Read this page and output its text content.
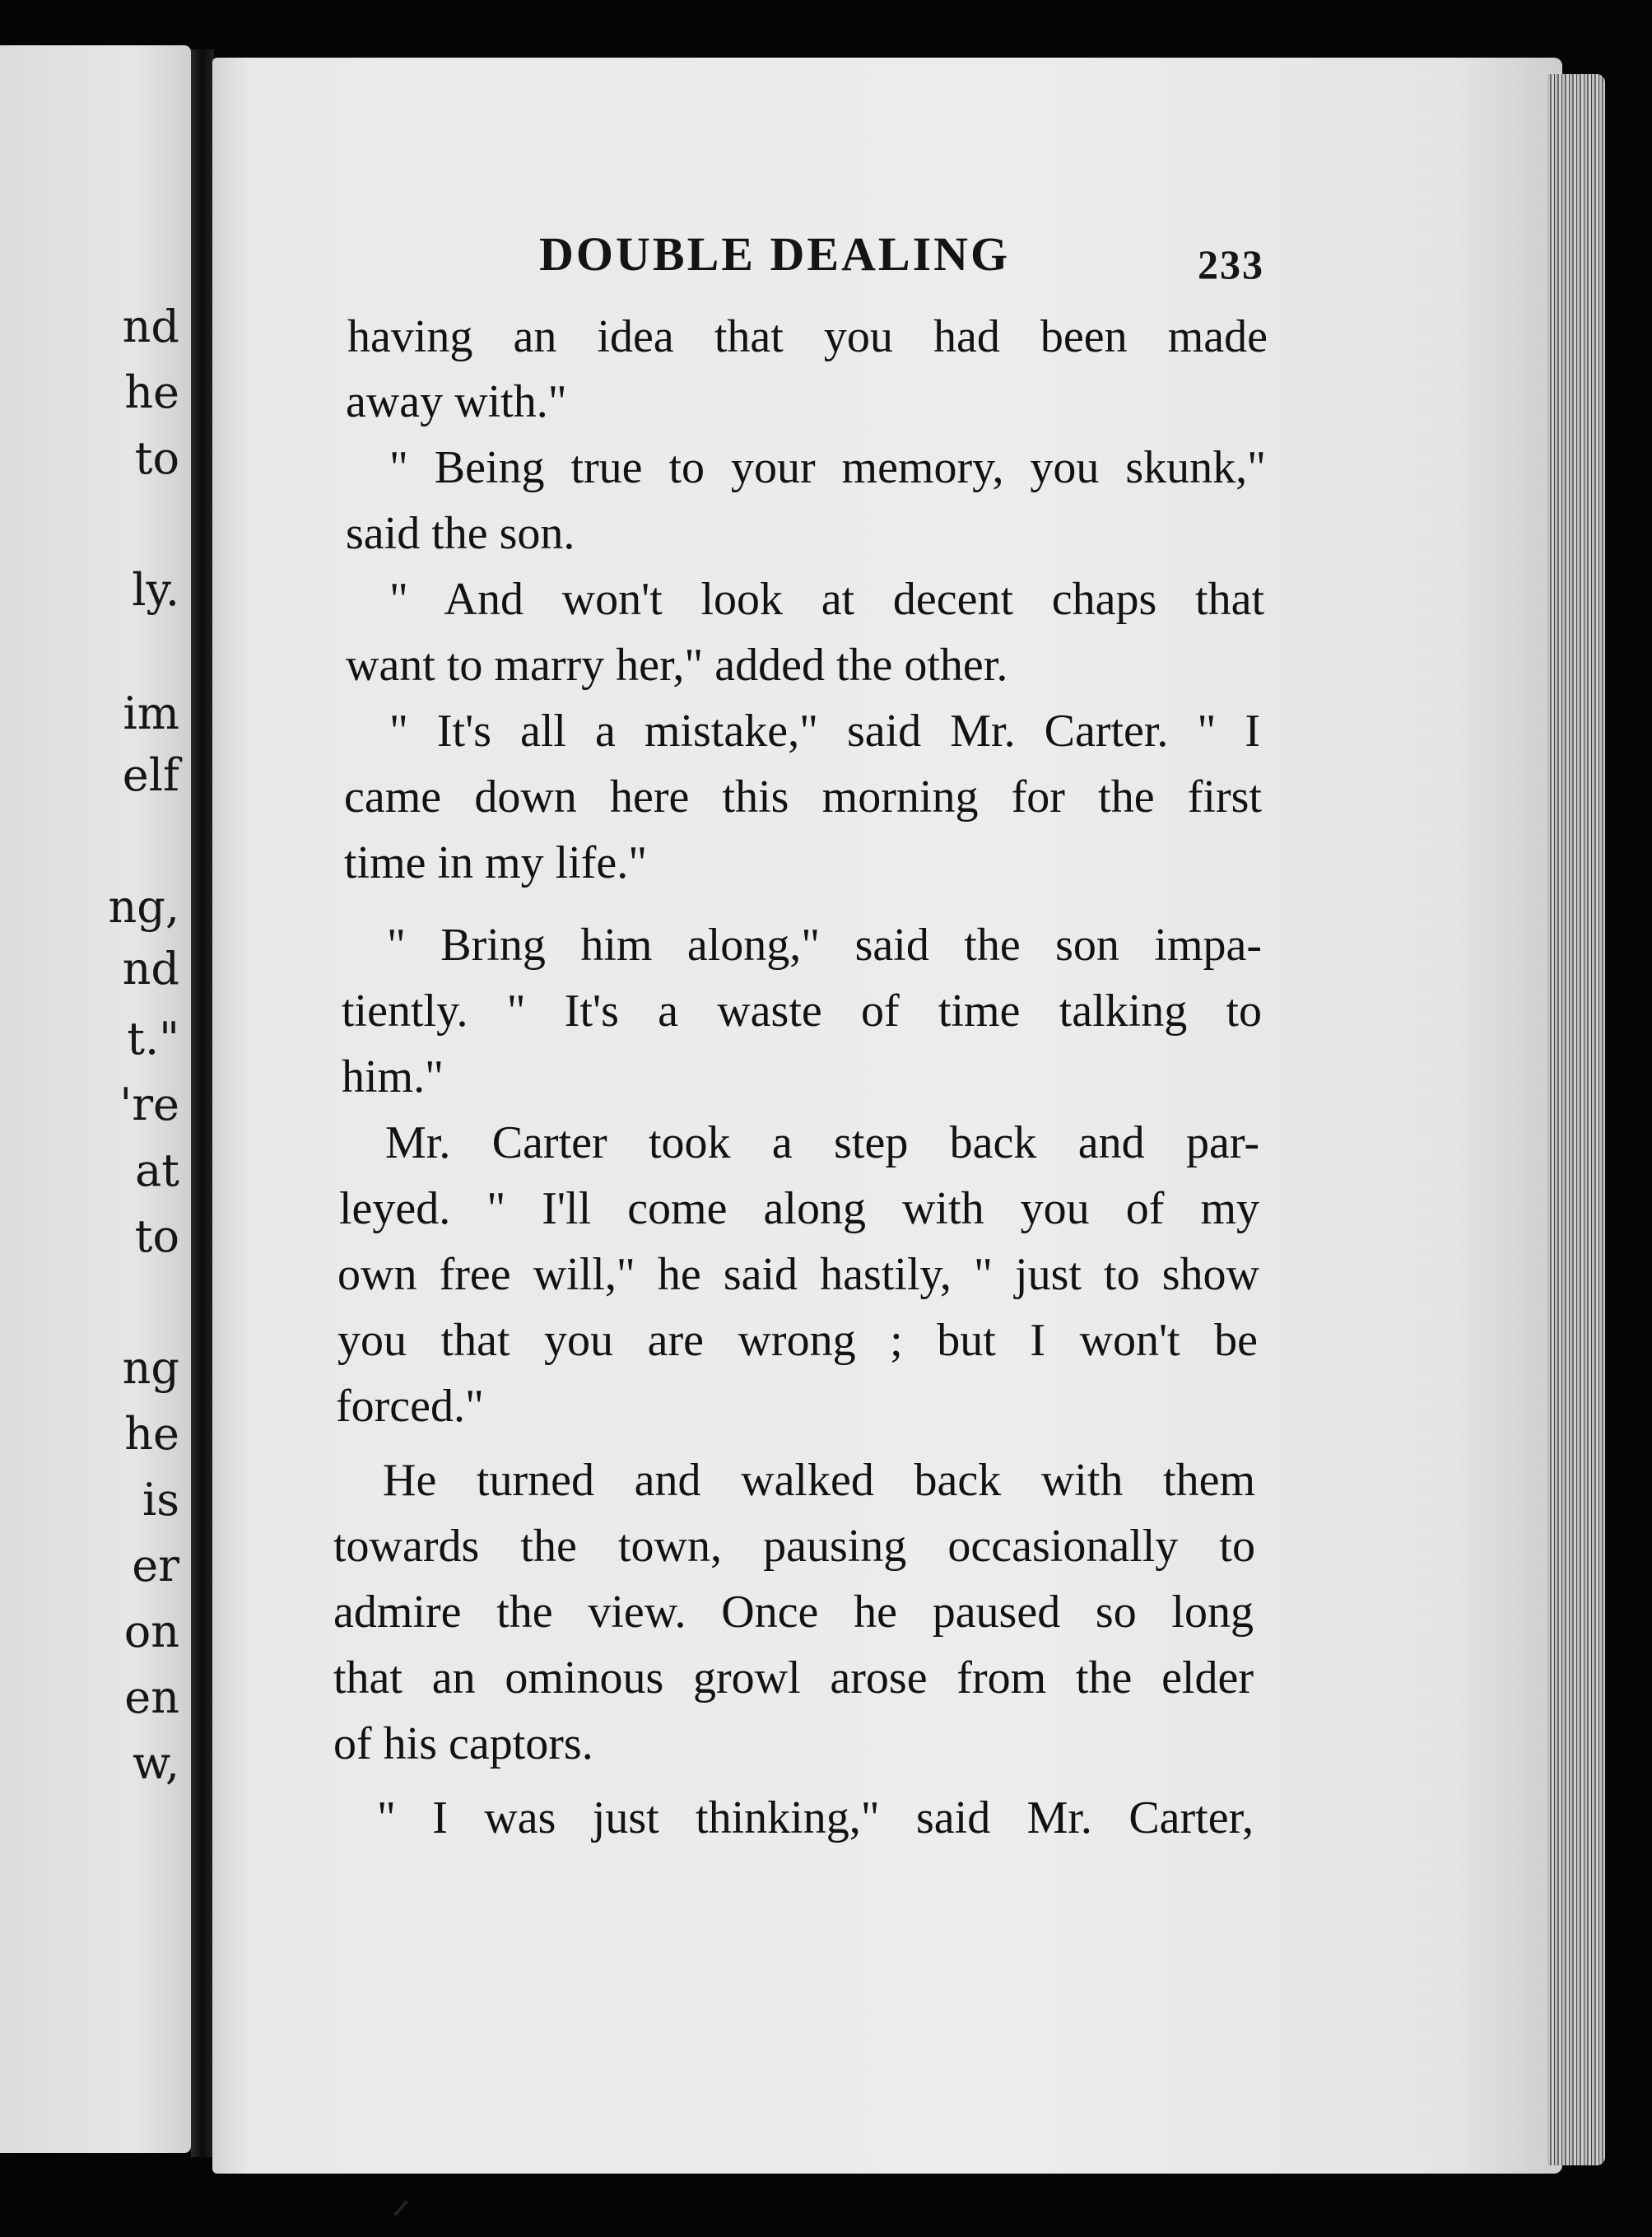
nd
he
to
ly.
im
elf
ng,
nd
t."
're
at
to
ng
he
is
er
on
en
w,
DOUBLE DEALING	233
having an idea that you had been made
away with."
" Being true to your memory, you skunk,"
said the son.
" And won't look at decent chaps that
want to marry her," added the other.
" It's all a mistake," said Mr. Carter. " I
came down here this morning for the first
time in my life."
" Bring him along," said the son impa-
tiently. " It's a waste of time talking to
him."
Mr. Carter took a step back and par-
leyed. " I'll come along with you of my
own free will," he said hastily, " just to show
you that you are wrong ; but I won't be
forced."
He turned and walked back with them
towards the town, pausing occasionally to
admire the view. Once he paused so long
that an ominous growl arose from the elder
of his captors.
" I was just thinking," said Mr. Carter,
